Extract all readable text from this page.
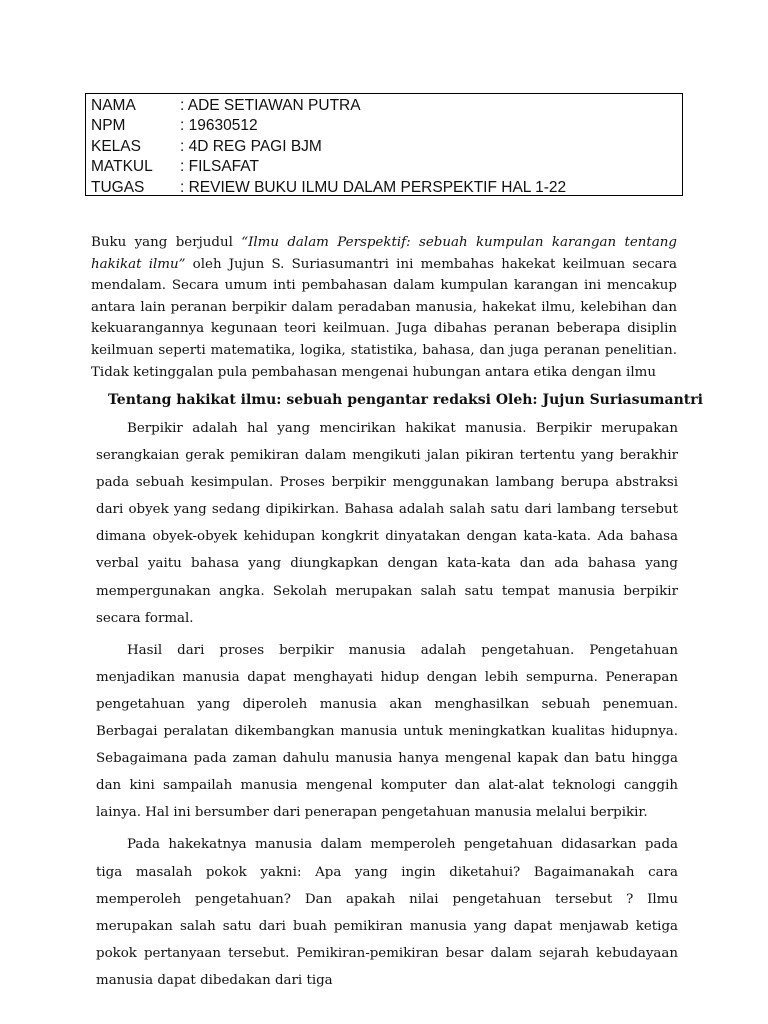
NAMA	: ADE SETIAWAN PUTRA
NPM	: 19630512
KELAS	: 4D REG PAGI BJM
MATKUL	: FILSAFAT
TUGAS	: REVIEW BUKU ILMU DALAM PERSPEKTIF HAL 1-22

Buku yang berjudul “Ilmu dalam Perspektif: sebuah kumpulan karangan tentang hakikat ilmu” oleh Jujun S. Suriasumantri ini membahas hakekat keilmuan secara mendalam. Secara umum inti pembahasan dalam kumpulan karangan ini mencakup antara lain peranan berpikir dalam peradaban manusia, hakekat ilmu, kelebihan dan kekuarangannya kegunaan teori keilmuan. Juga dibahas peranan beberapa disiplin keilmuan seperti matematika, logika, statistika, bahasa, dan juga peranan penelitian. Tidak ketinggalan pula pembahasan mengenai hubungan antara etika dengan ilmu

Tentang hakikat ilmu: sebuah pengantar redaksi Oleh: Jujun Suriasumantri

Berpikir adalah hal yang mencirikan hakikat manusia. Berpikir merupakan serangkaian gerak pemikiran dalam mengikuti jalan pikiran tertentu yang berakhir pada sebuah kesimpulan. Proses berpikir menggunakan lambang berupa abstraksi dari obyek yang sedang dipikirkan. Bahasa adalah salah satu dari lambang tersebut dimana obyek-obyek kehidupan kongkrit dinyatakan dengan kata-kata. Ada bahasa verbal yaitu bahasa yang diungkapkan dengan kata-kata dan ada bahasa yang mempergunakan angka. Sekolah merupakan salah satu tempat manusia berpikir secara formal.

Hasil dari proses berpikir manusia adalah pengetahuan. Pengetahuan menjadikan manusia dapat menghayati hidup dengan lebih sempurna. Penerapan pengetahuan yang diperoleh manusia akan menghasilkan sebuah penemuan. Berbagai peralatan dikembangkan manusia untuk meningkatkan kualitas hidupnya. Sebagaimana pada zaman dahulu manusia hanya mengenal kapak dan batu hingga dan kini sampailah manusia mengenal komputer dan alat-alat teknologi canggih lainya. Hal ini bersumber dari penerapan pengetahuan manusia melalui berpikir.

Pada hakekatnya manusia dalam memperoleh pengetahuan didasarkan pada tiga masalah pokok yakni: Apa yang ingin diketahui? Bagaimanakah cara memperoleh pengetahuan? Dan apakah nilai pengetahuan tersebut ? Ilmu merupakan salah satu dari buah pemikiran manusia yang dapat menjawab ketiga pokok pertanyaan tersebut. Pemikiran-pemikiran besar dalam sejarah kebudayaan manusia dapat dibedakan dari tiga
